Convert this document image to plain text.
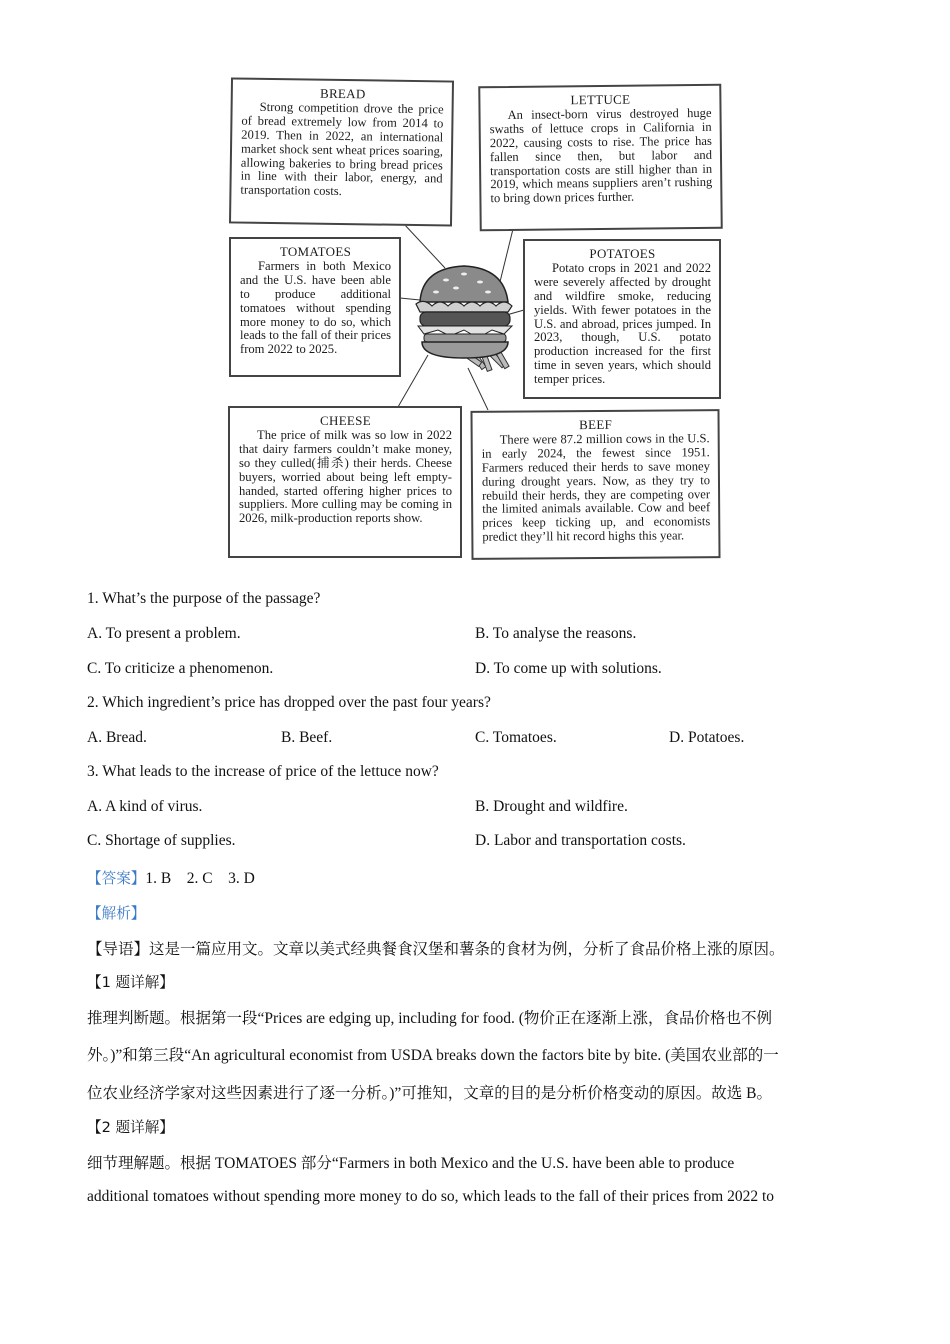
BREAD
Strong competition drove the price of bread extremely low from 2014 to 2019. Then in 2022, an international market shock sent wheat prices soaring, allowing bakeries to bring bread prices in line with their labor, energy, and transportation costs.
LETTUCE
An insect-born virus destroyed huge swaths of lettuce crops in California in 2022, causing costs to rise. The price has fallen since then, but labor and transportation costs are still higher than in 2019, which means suppliers aren’t rushing to bring down prices further.
TOMATOES
Farmers in both Mexico and the U.S. have been able to produce additional tomatoes without spending more money to do so, which leads to the fall of their prices from 2022 to 2025.
POTATOES
Potato crops in 2021 and 2022 were severely affected by drought and wildfire smoke, reducing yields. With fewer potatoes in the U.S. and abroad, prices jumped. In 2023, though, U.S. potato production increased for the first time in seven years, which should temper prices.
CHEESE
The price of milk was so low in 2022 that dairy farmers couldn’t make money, so they culled(捕杀) their herds. Cheese buyers, worried about being left empty-handed, started offering higher prices to suppliers. More culling may be coming in 2026, milk-production reports show.
BEEF
There were 87.2 million cows in the U.S. in early 2024, the fewest since 1951. Farmers reduced their herds to save money during drought years. Now, as they try to rebuild their herds, they are competing over the limited animals available. Cow and beef prices keep ticking up, and economists predict they’ll hit record highs this year.
1. What’s the purpose of the passage?
A. To present a problem.	B. To analyse the reasons.
C. To criticize a phenomenon.	D. To come up with solutions.
2. Which ingredient’s price has dropped over the past four years?
A. Bread.	B. Beef.	C. Tomatoes.	D. Potatoes.
3. What leads to the increase of price of the lettuce now?
A. A kind of virus.	B. Drought and wildfire.
C. Shortage of supplies.	D. Labor and transportation costs.
【答案】1. B    2. C    3. D
【解析】
【导语】这是一篇应用文。文章以美式经典餐食汉堡和薯条的食材为例，分析了食品价格上涨的原因。
【1 题详解】
推理判断题。根据第一段“Prices are edging up, including for food. (物价正在逐渐上涨，食品价格也不例
外。)”和第三段“An agricultural economist from USDA breaks down the factors bite by bite. (美国农业部的一
位农业经济学家对这些因素进行了逐一分析。)”可推知，文章的目的是分析价格变动的原因。故选 B。
【2 题详解】
细节理解题。根据 TOMATOES 部分“Farmers in both Mexico and the U.S. have been able to produce
additional tomatoes without spending more money to do so, which leads to the fall of their prices from 2022 to
